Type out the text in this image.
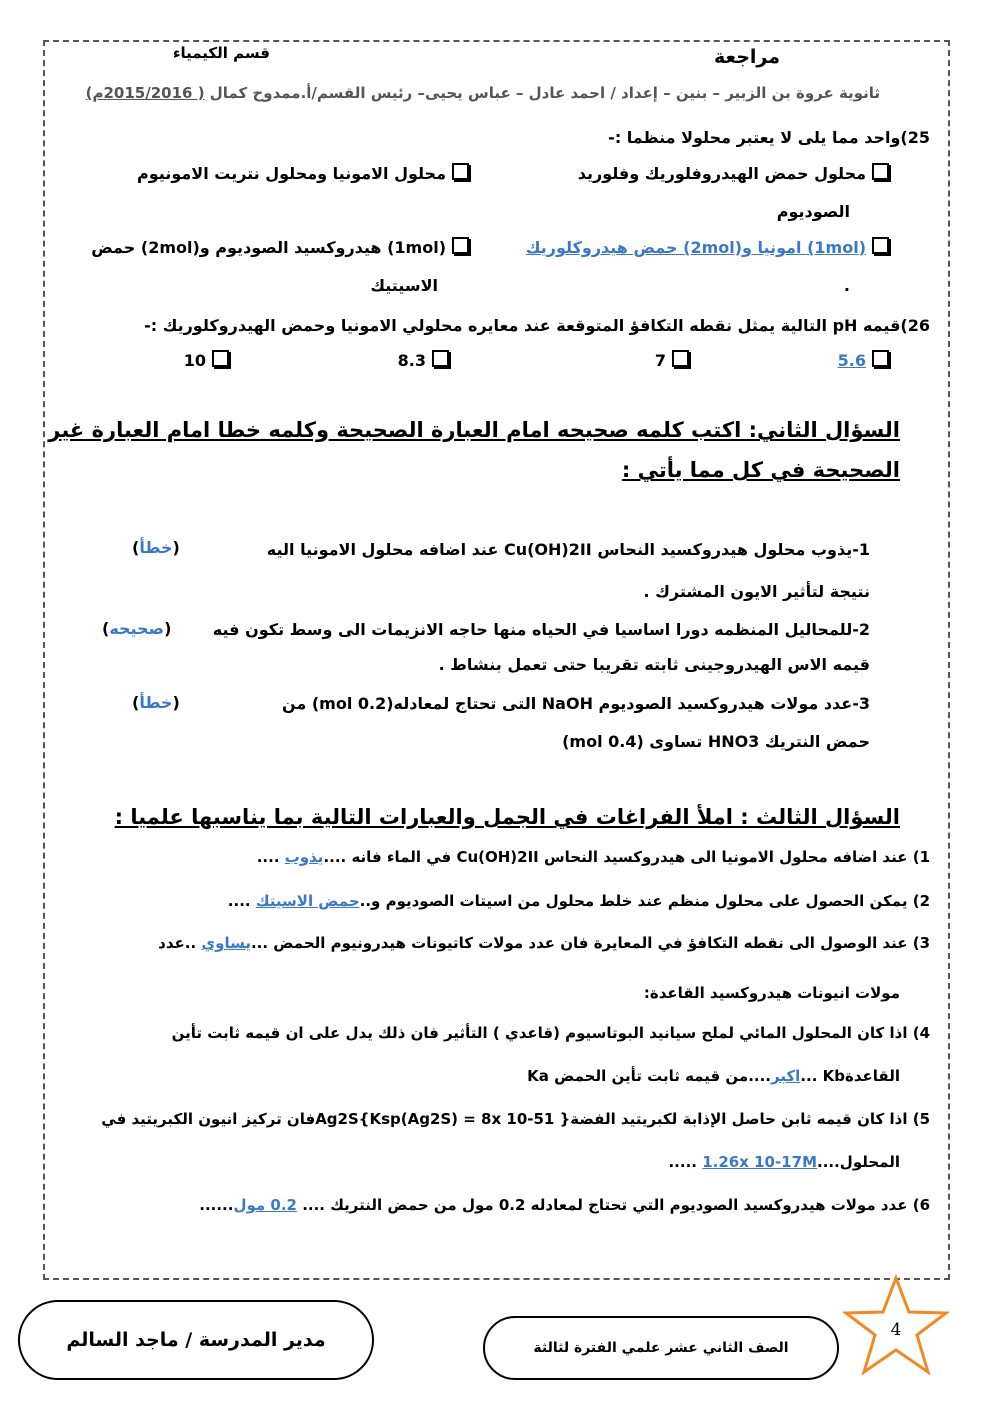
مراجعة
قسم الكيمياء
ثانوية عروة بن الزبير – بنين – إعداد / احمد عادل – عباس يحيى– رئيس القسم/أ.ممدوح كمال ( 2015/2016م)
25)واحد مما يلى لا يعتبر محلولا منظما :-
محلول حمض الهيدروفلوريك وفلوريد
الصوديوم
محلول الامونيا ومحلول نتريت الامونيوم
(1mol) امونيا و(2mol) حمض هيدروكلوريك
.
(1mol) هيدروكسيد الصوديوم و(2mol) حمض
الاسيتيك
26)قيمه pH التالية يمثل نقطه التكافؤ المتوقعة عند معايره محلولي الامونيا وحمض الهيدروكلوريك :-
5.6
7
8.3
10
السؤال الثاني: اكتب كلمه صحيحه امام العبارة الصحيحة وكلمه خطا امام العبارة غير
الصحيحة في كل مما يأتي :
1-يذوب محلول هيدروكسيد النحاس Cu(OH)2II عند اضافه محلول الامونيا اليه
نتيجة لتأثير الايون المشترك .
(خطأ)
2-للمحاليل المنظمه دورا اساسيا في الحياه منها حاجه الانزيمات الى وسط تكون فيه
قيمه الاس الهيدروجينى ثابته تقريبا حتى تعمل بنشاط .
(صحيحه)
3-عدد مولات هيدروكسيد الصوديوم NaOH التى تحتاج لمعادله(0.2 mol) من
حمض النتريك HNO3 تساوى (0.4 mol)
(خطأ)
السؤال الثالث : املأ الفراغات في الجمل والعبارات التالية بما يناسبها علميا :
1) عند اضافه محلول الامونيا الى هيدروكسيد النحاس Cu(OH)2II في الماء فانه ....يذوب ....
2) يمكن الحصول على محلول منظم عند خلط محلول من اسيتات الصوديوم و..حمض الاسيتك ....
3) عند الوصول الى نقطه التكافؤ في المعايرة فان عدد مولات كاتيونات هيدرونيوم الحمض ...يساوي ..عدد
مولات انيونات هيدروكسيد القاعدة:
4) اذا كان المحلول المائي لملح سيانيد البوتاسيوم (قاعدي ) التأثير فان ذلك يدل على ان قيمه ثابت تأين
القاعدةKb ...اكبر....من قيمه ثابت تأين الحمض Ka
5) اذا كان قيمه ثابن حاصل الإذابة لكبريتيد الفضةAg2S{Ksp(Ag2S) = 8x 10-51 }فان تركيز انيون الكبريتيد في
المحلول....1.26x 10-17M .....
6) عدد مولات هيدروكسيد الصوديوم التي تحتاج لمعادله 0.2 مول من حمض النتريك .... 0.2 مول......
مدير المدرسة / ماجد السالم	الصف الثاني عشر علمي الفترة لثالثة
4
